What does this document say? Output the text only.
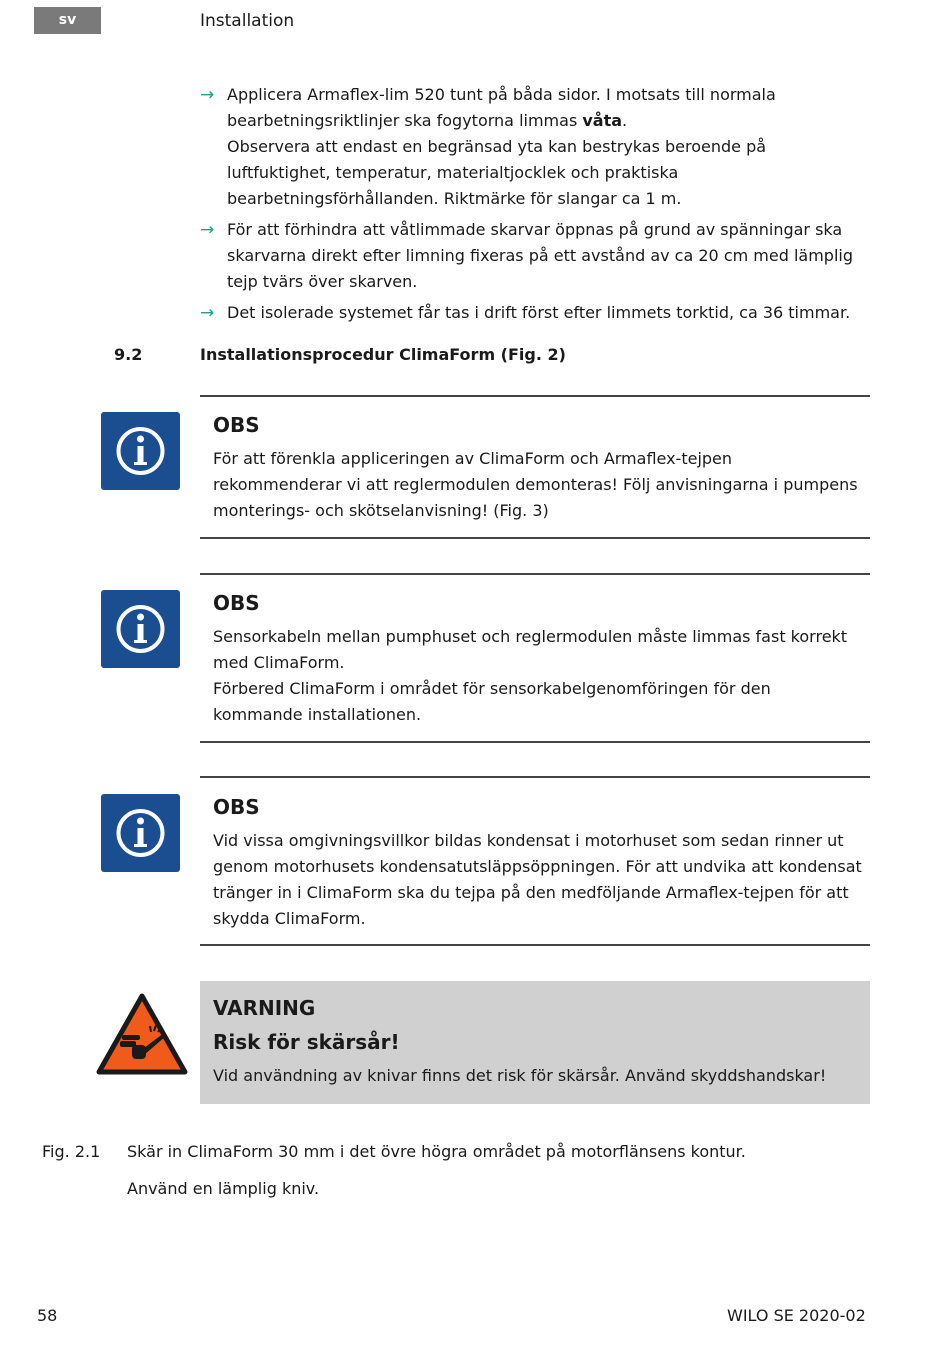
sv	Installation
→ Applicera Armaflex-lim 520 tunt på båda sidor. I motsats till normala bearbetningsriktlinjer ska fogytorna limmas våta.

Observera att endast en begränsad yta kan bestrykas beroende på luftfuktighet, temperatur, materialtjocklek och praktiska bearbetningsförhållanden. Riktmärke för slangar ca 1 m.

→ För att förhindra att våtlimmade skarvar öppnas på grund av spänningar ska skarvarna direkt efter limning fixeras på ett avstånd av ca 20 cm med lämplig tejp tvärs över skarven.

→ Det isolerade systemet får tas i drift först efter limmets torktid, ca 36 timmar.

9.2	Installationsprocedur ClimaForm (Fig. 2)
OBS

För att förenkla appliceringen av ClimaForm och Armaflex-tejpen rekommenderar vi att reglermodulen demonteras! Följ anvisningarna i pumpens monterings- och skötselanvisning! (Fig. 3)

OBS

Sensorkabeln mellan pumphuset och reglermodulen måste limmas fast korrekt med ClimaForm.

Förbered ClimaForm i området för sensorkabelgenomföringen för den kommande installationen.

OBS

Vid vissa omgivningsvillkor bildas kondensat i motorhuset som sedan rinner ut genom motorhusets kondensatutsläppsöppningen. För att undvika att kondensat tränger in i ClimaForm ska du tejpa på den medföljande Armaflex-tejpen för att skydda ClimaForm.

VARNING
Risk för skärsår!
Vid användning av knivar finns det risk för skärsår. Använd skyddshandskar!
Fig. 2.1 Skär in ClimaForm 30 mm i det övre högra området på motorflänsens kontur.
Använd en lämplig kniv.
58	WILO SE 2020-02
